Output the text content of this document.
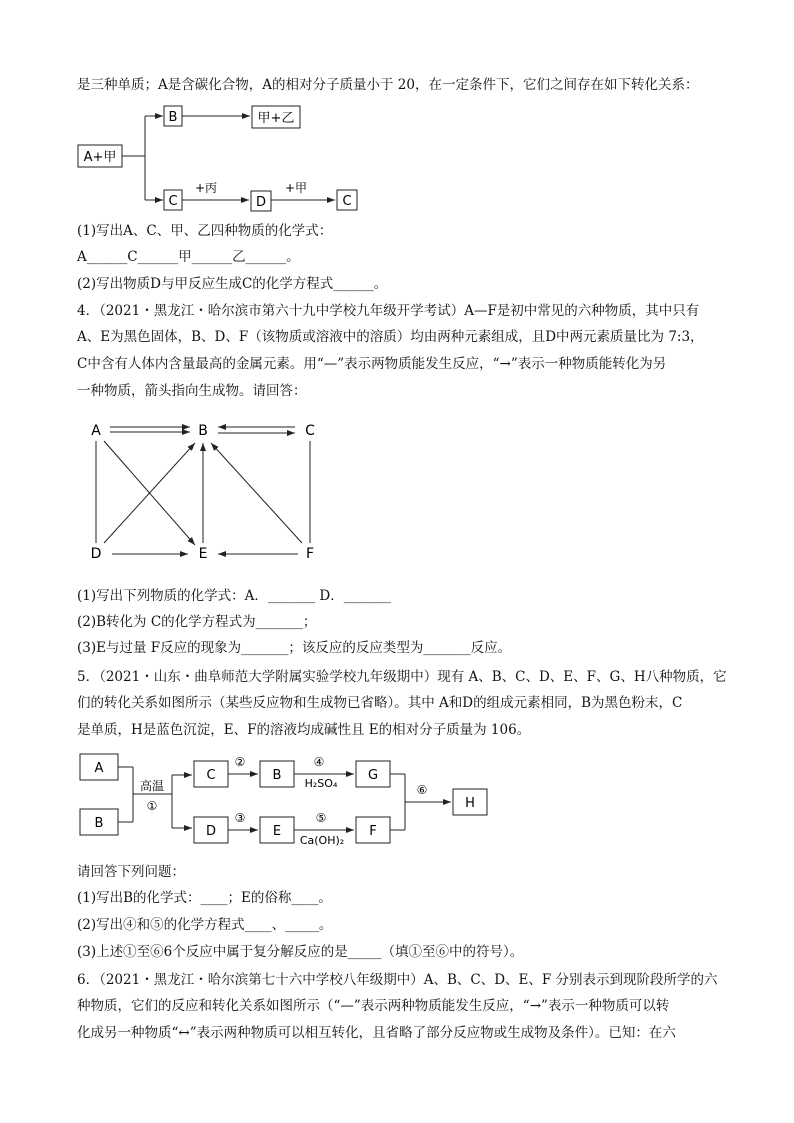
是三种单质；A是含碳化合物，A的相对分子质量小于 20，在一定条件下，它们之间存在如下转化关系：
A+甲
B	甲+乙
C
+丙
D
+甲
C
(1)写出A、C、甲、乙四种物质的化学式：
A______C______甲______乙______。
(2)写出物质D与甲反应生成C的化学方程式______。
4．（2021・黑龙江・哈尔滨市第六十九中学校九年级开学考试）A—F是初中常见的六种物质，其中只有
A、E为黑色固体，B、D、F（该物质或溶液中的溶质）均由两种元素组成，且D中两元素质量比为 7:3，
C中含有人体内含量最高的金属元素。用“—”表示两物质能发生反应，“→”表示一种物质能转化为另
一种物质，箭头指向生成物。请回答：
A	B	C
D	E	F
(1)写出下列物质的化学式：A．_______ D．_______
(2)B转化为 C的化学方程式为_______；
(3)E与过量 F反应的现象为_______；该反应的反应类型为_______反应。
5．（2021・山东・曲阜师范大学附属实验学校九年级期中）现有 A、B、C、D、E、F、G、H八种物质，它
们的转化关系如图所示（某些反应物和生成物已省略）。其中 A和D的组成元素相同，B为黑色粉末，C
是单质，H是蓝色沉淀，E、F的溶液均成碱性且 E的相对分子质量为 106。
A
B
高温
①
C
②
B
④
H₂SO₄
G
D
③
E
⑤
Ca(OH)₂
F
⑥
H
请回答下列问题：
(1)写出B的化学式：____；E的俗称____。
(2)写出④和⑤的化学方程式____、_____。
(3)上述①至⑥6个反应中属于复分解反应的是_____（填①至⑥中的符号）。
6．（2021・黑龙江・哈尔滨第七十六中学校八年级期中）A、B、C、D、E、F 分别表示到现阶段所学的六
种物质，它们的反应和转化关系如图所示（“—”表示两种物质能发生反应，“→”表示一种物质可以转
化成另一种物质“↔”表示两种物质可以相互转化，且省略了部分反应物或生成物及条件）。已知：在六
